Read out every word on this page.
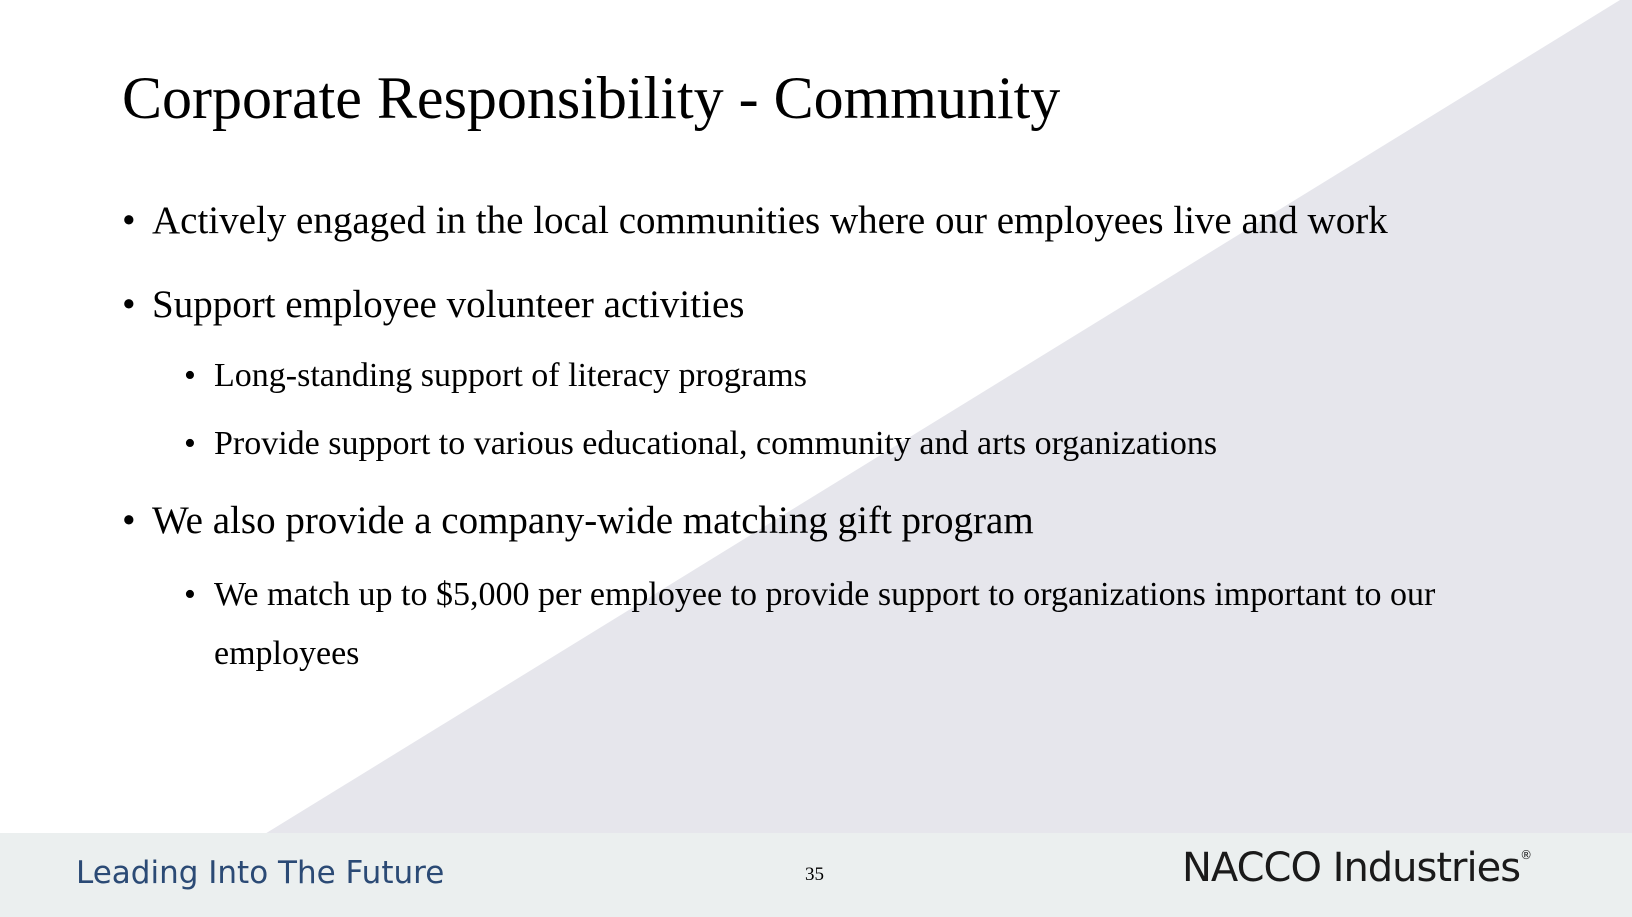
Corporate Responsibility - Community
• Actively engaged in the local communities where our employees live and work
• Support employee volunteer activities
• Long-standing support of literacy programs
• Provide support to various educational, community and arts organizations
• We also provide a company-wide matching gift program
• We match up to $5,000 per employee to provide support to organizations important to our
employees
Leading Into The Future	35	NACCO Industries®
